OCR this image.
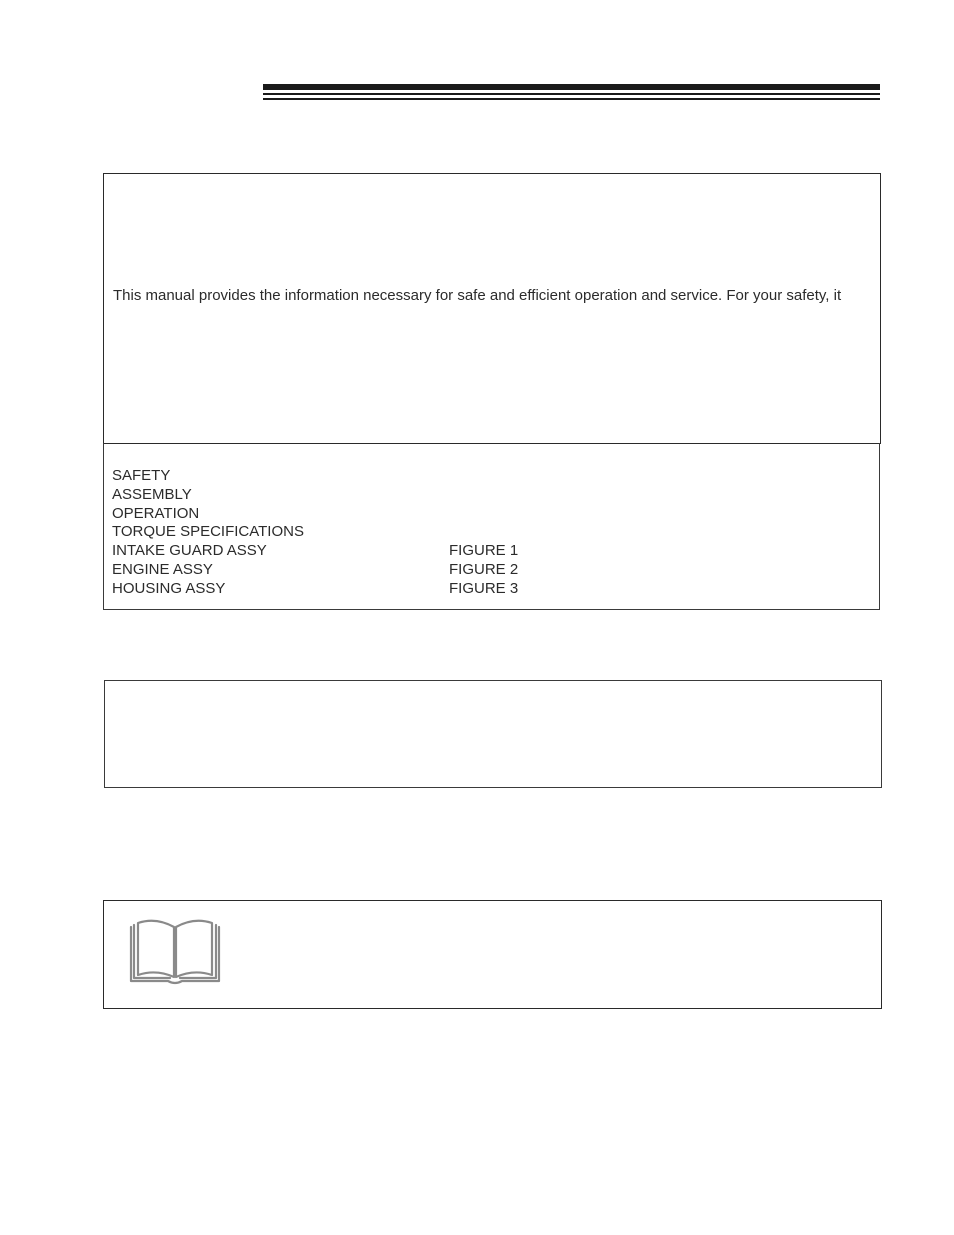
This manual provides the information necessary for safe and efficient operation and service. For your safety, it
SAFETY
ASSEMBLY
OPERATION
TORQUE SPECIFICATIONS
INTAKE GUARD ASSY	FIGURE 1
ENGINE ASSY	FIGURE 2
HOUSING ASSY	FIGURE 3
